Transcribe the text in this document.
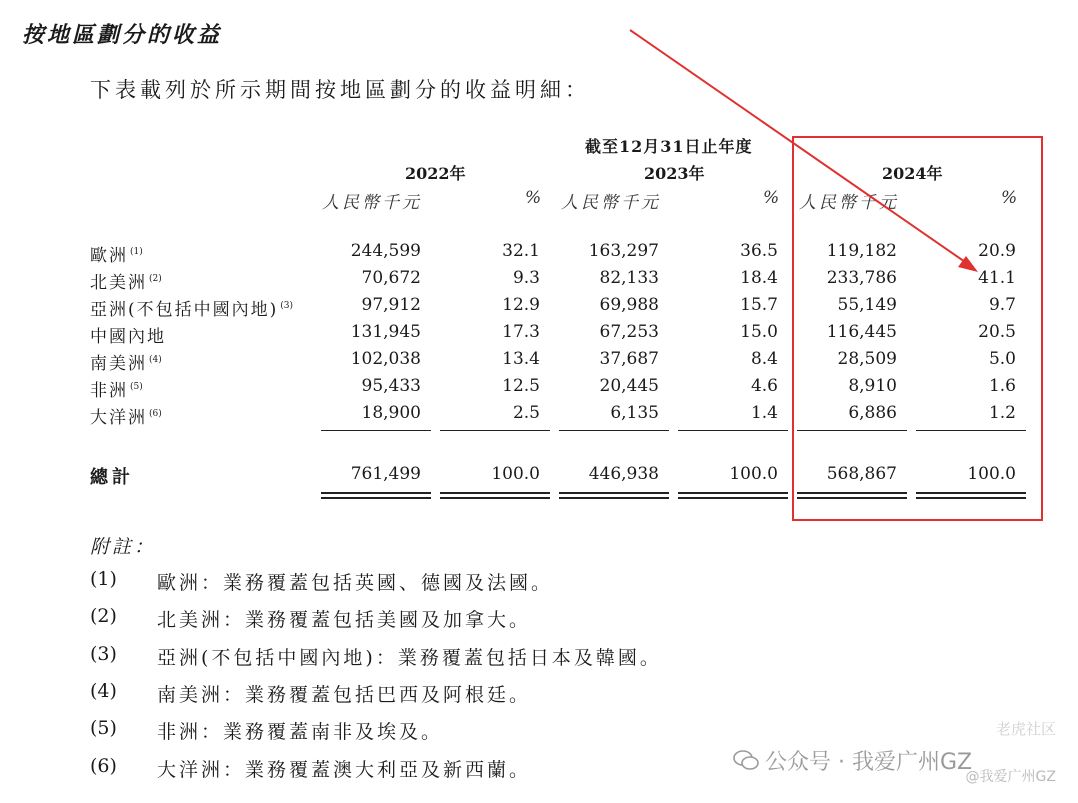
按地區劃分的收益
下表載列於所示期間按地區劃分的收益明細：
截至12月31日止年度
2022年	2023年	2024年
人民幣千元	% 人民幣千元	% 人民幣千元	%
歐洲 $^{(1)}$	244,599	32.1	163,297	36.5	119,182	20.9
北美洲 $^{(2)}$	70,672	9.3	82,133	18.4	233,786	41.1
亞洲(不包括中國內地) $^{(3)}$	97,912	12.9	69,988	15.7	55,149	9.7
中國內地	131,945	17.3	67,253	15.0	116,445	20.5
南美洲 $^{(4)}$	102,038	13.4	37,687	8.4	28,509	5.0
非洲 $^{(5)}$	95,433	12.5	20,445	4.6	8,910	1.6
大洋洲 $^{(6)}$	18,900	2.5	6,135	1.4	6,886	1.2
總計	761,499	100.0	446,938	100.0	568,867	100.0
附註：
(1) 歐洲：業務覆蓋包括英國、德國及法國。
(2) 北美洲：業務覆蓋包括美國及加拿大。
(3) 亞洲(不包括中國內地)：業務覆蓋包括日本及韓國。
(4) 南美洲：業務覆蓋包括巴西及阿根廷。
(5) 非洲：業務覆蓋南非及埃及。
(6) 大洋洲：業務覆蓋澳大利亞及新西蘭。
老虎社区
@我爱广州GZ
公众号 · 我爱广州GZ
